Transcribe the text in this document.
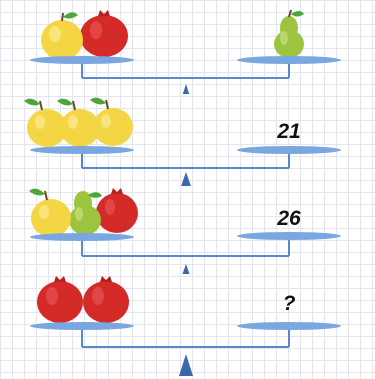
21
26
?
